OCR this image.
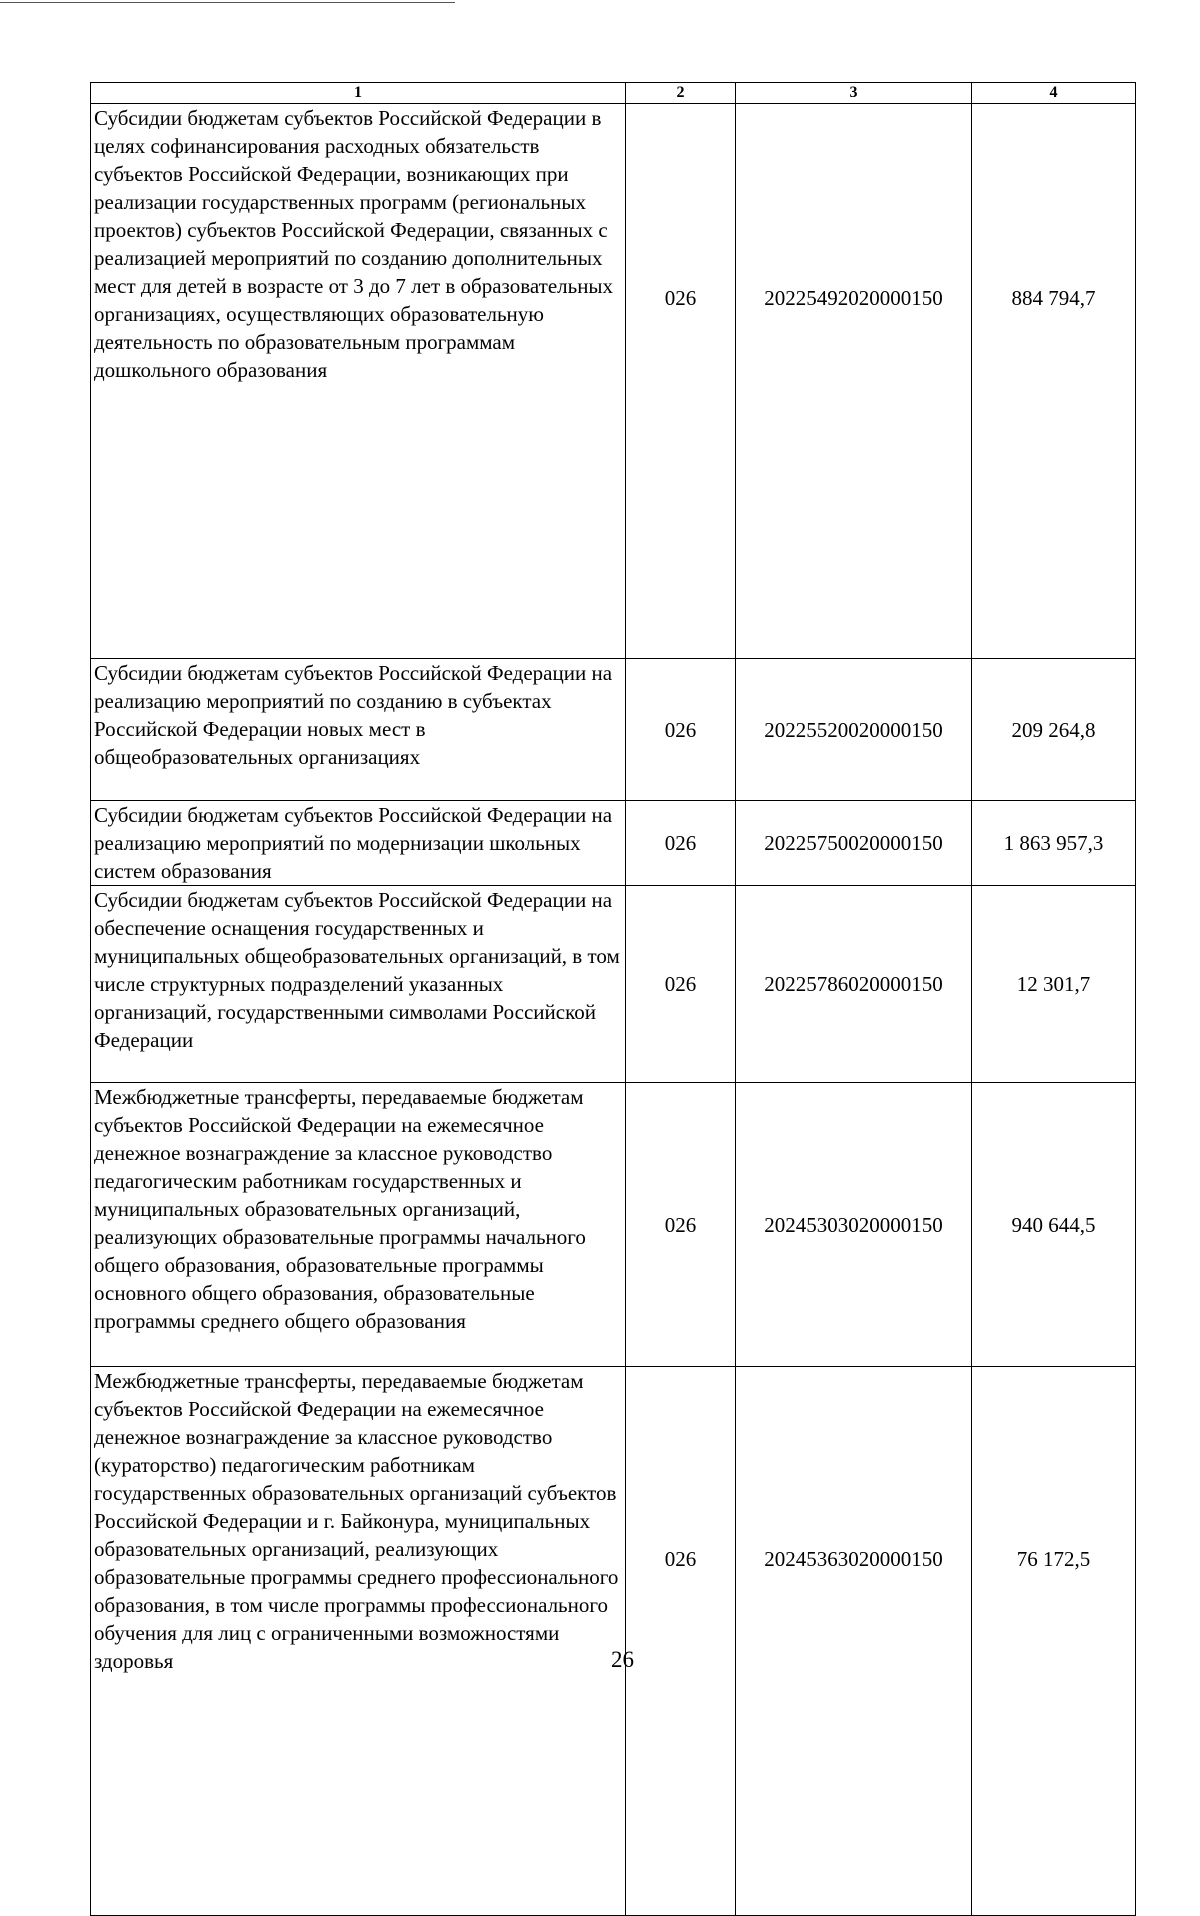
1	2	3	4
Субсидии бюджетам субъектов Российской Федерации в целях софинансирования расходных обязательств субъектов Российской Федерации, возникающих при реализации государственных программ (региональных проектов) субъектов Российской Федерации, связанных с реализацией мероприятий по созданию дополнительных мест для детей в возрасте от 3 до 7 лет в образовательных организациях, осуществляющих образовательную деятельность по образовательным программам дошкольного образования	026	20225492020000150	884 794,7
Субсидии бюджетам субъектов Российской Федерации на реализацию мероприятий по созданию в субъектах Российской Федерации новых мест в общеобразовательных организациях	026	20225520020000150	209 264,8
Субсидии бюджетам субъектов Российской Федерации на реализацию мероприятий по модернизации школьных систем образования	026	20225750020000150	1 863 957,3
Субсидии бюджетам субъектов Российской Федерации на обеспечение оснащения государственных и муниципальных общеобразовательных организаций, в том числе структурных подразделений указанных организаций, государственными символами Российской Федерации	026	20225786020000150	12 301,7
Межбюджетные трансферты, передаваемые бюджетам субъектов Российской Федерации на ежемесячное денежное вознаграждение за классное руководство педагогическим работникам государственных и муниципальных образовательных организаций, реализующих образовательные программы начального общего образования, образовательные программы основного общего образования, образовательные программы среднего общего образования	026	20245303020000150	940 644,5
Межбюджетные трансферты, передаваемые бюджетам субъектов Российской Федерации на ежемесячное денежное вознаграждение за классное руководство (кураторство) педагогическим работникам государственных образовательных организаций субъектов Российской Федерации и г. Байконура, муниципальных образовательных организаций, реализующих образовательные программы среднего профессионального образования, в том числе программы профессионального обучения для лиц с ограниченными возможностями здоровья	026	20245363020000150	76 172,5
26
